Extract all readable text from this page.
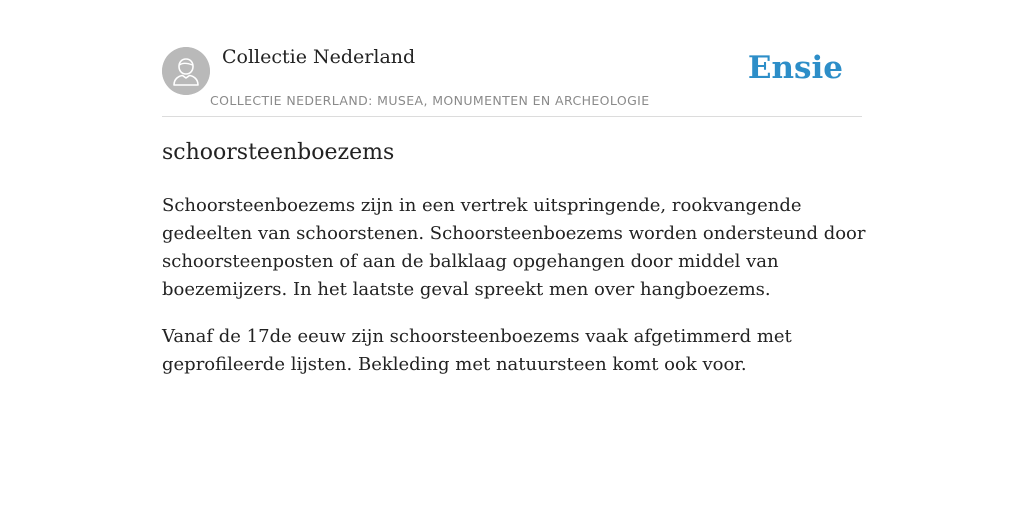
Collectie Nederland
COLLECTIE NEDERLAND: MUSEA, MONUMENTEN EN ARCHEOLOGIE
Ensie
schoorsteenboezems

Schoorsteenboezems zijn in een vertrek uitspringende, rookvangende gedeelten van schoorstenen. Schoorsteenboezems worden ondersteund door schoorsteenposten of aan de balklaag opgehangen door middel van boezemijzers. In het laatste geval spreekt men over hangboezems.

Vanaf de 17de eeuw zijn schoorsteenboezems vaak afgetimmerd met geprofileerde lijsten. Bekleding met natuursteen komt ook voor.
